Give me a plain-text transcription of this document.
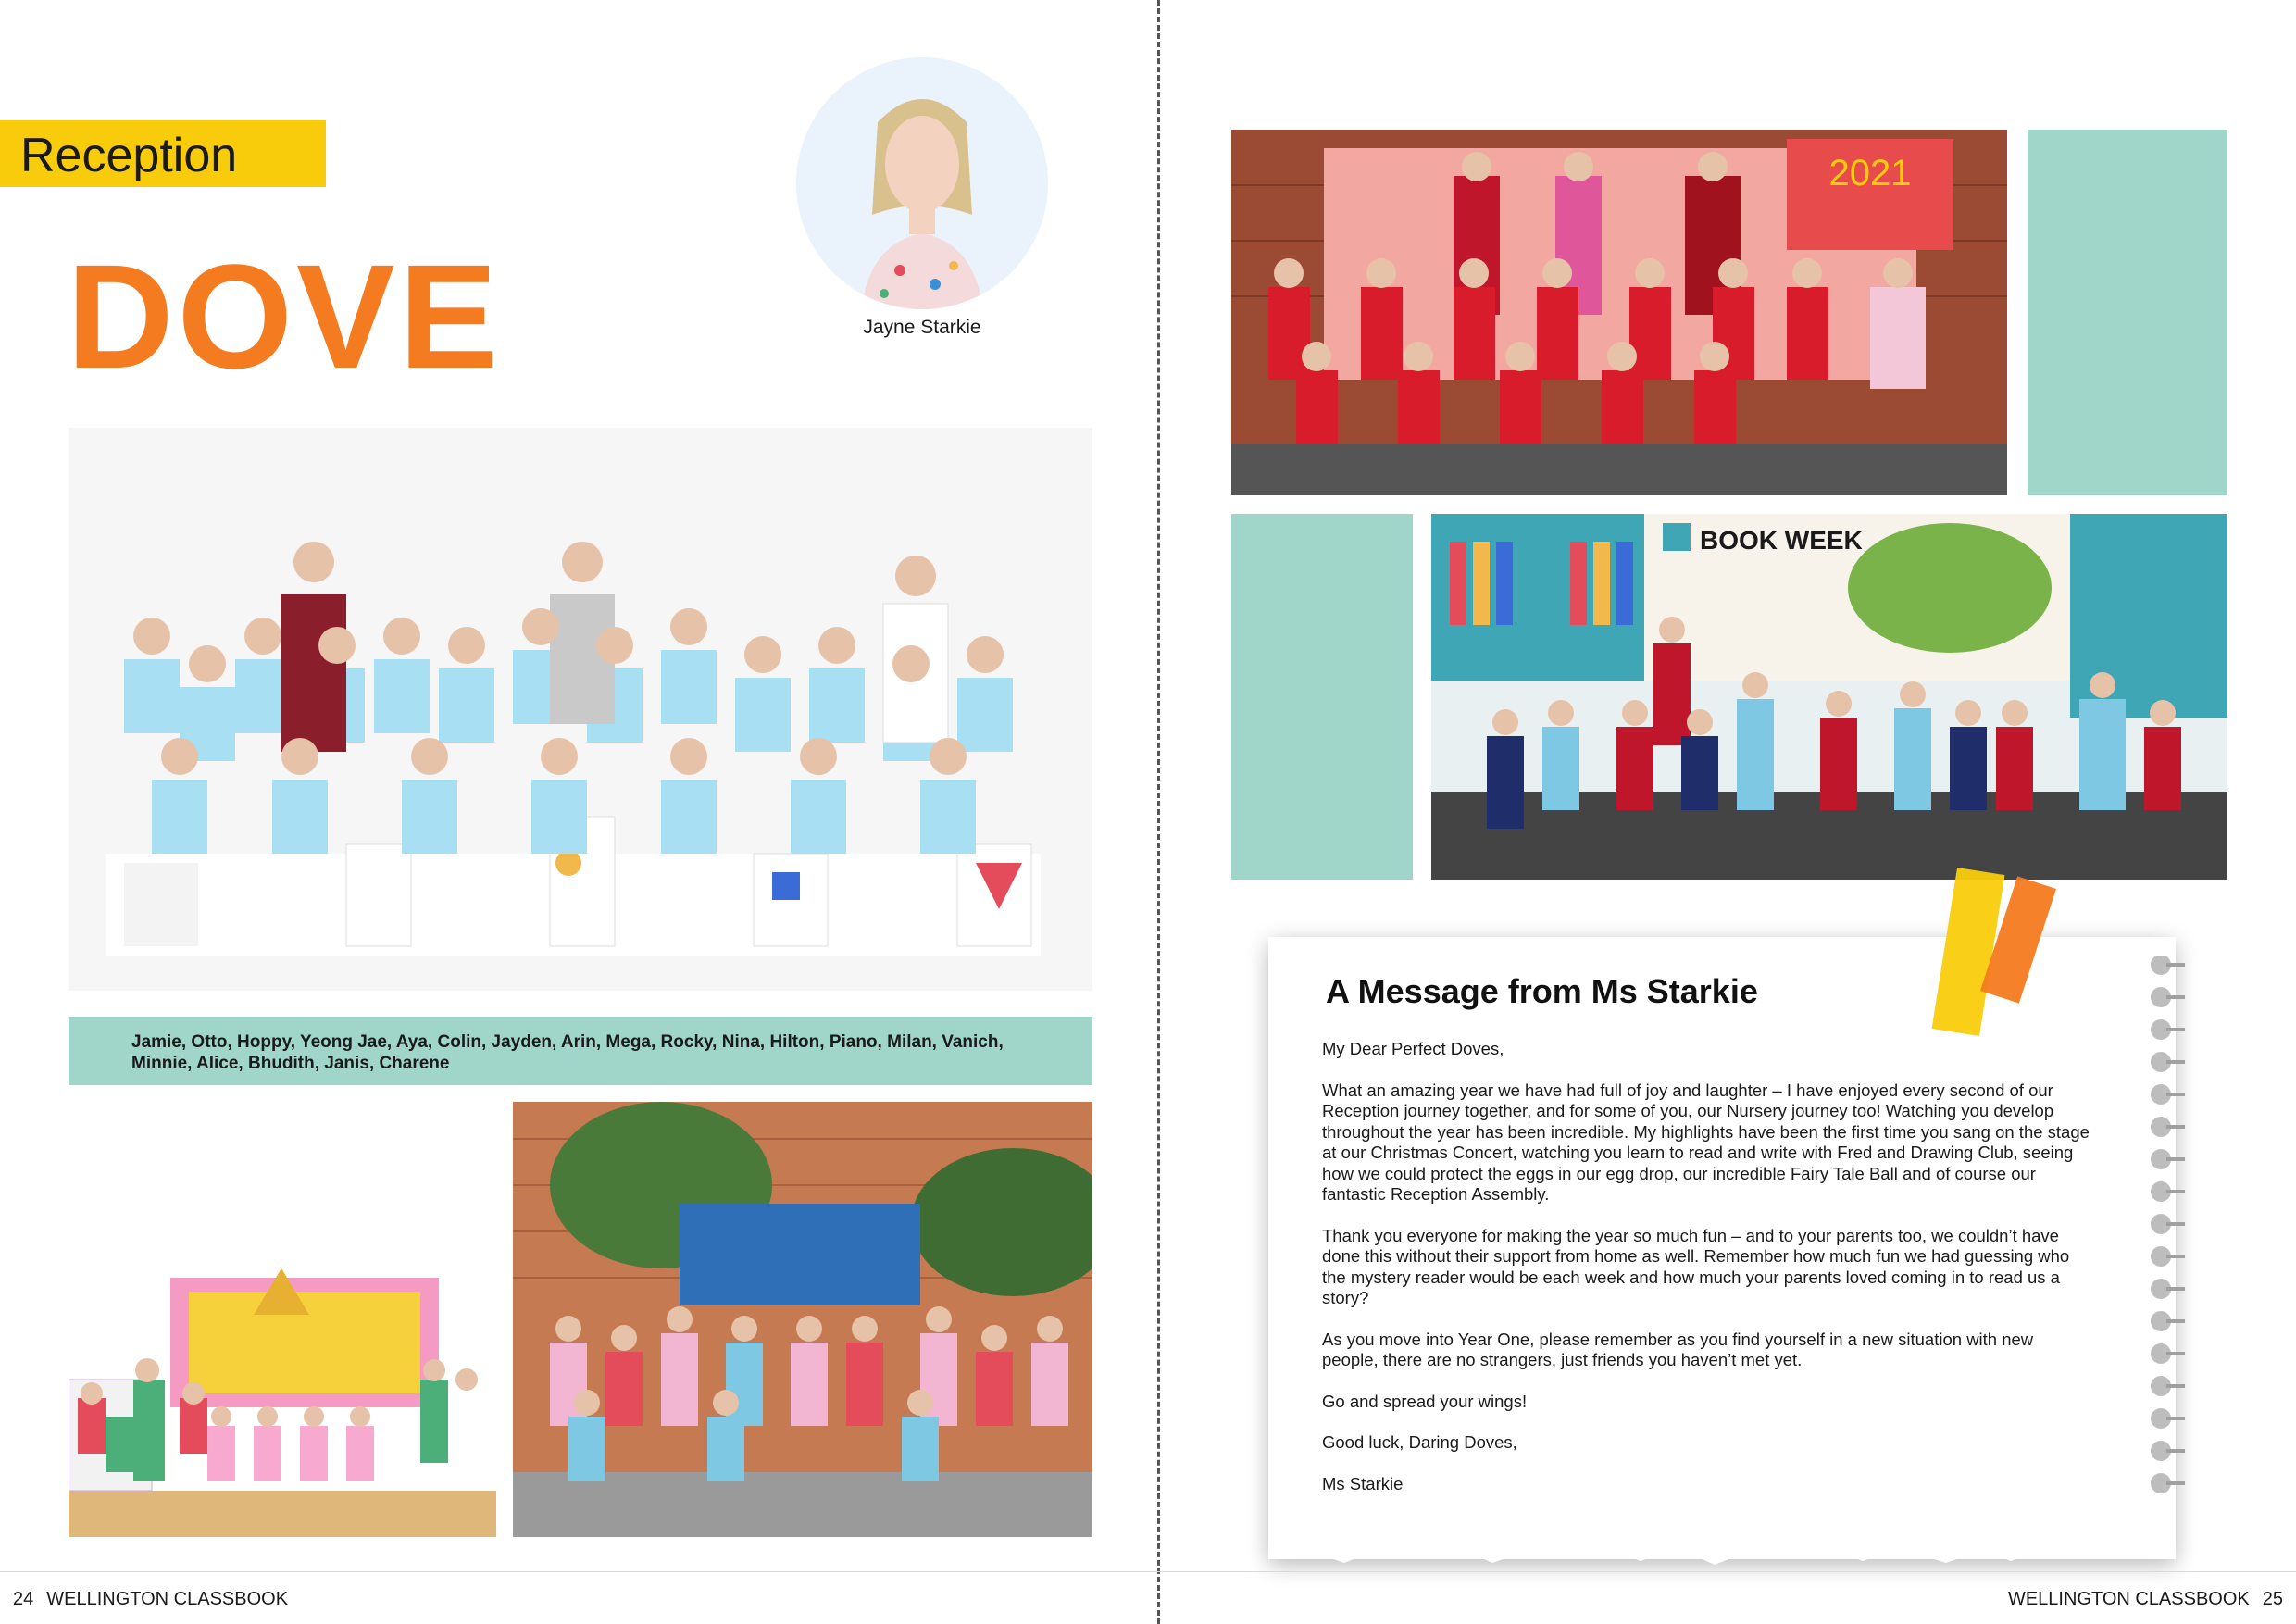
Reception
DOVE	Jayne Starkie
Jamie, Otto, Hoppy, Yeong Jae, Aya, Colin, Jayden, Arin, Mega, Rocky, Nina, Hilton, Piano, Milan, Vanich, Minnie, Alice, Bhudith, Janis, Charene
24 WELLINGTON CLASSBOOK
2021
BOOK WEEK
A Message from Ms Starkie

My Dear Perfect Doves,

What an amazing year we have had full of joy and laughter – I have enjoyed every second of our Reception journey together, and for some of you, our Nursery journey too! Watching you develop throughout the year has been incredible. My highlights have been the first time you sang on the stage at our Christmas Concert, watching you learn to read and write with Fred and Drawing Club, seeing how we could protect the eggs in our egg drop, our incredible Fairy Tale Ball and of course our fantastic Reception Assembly.

Thank you everyone for making the year so much fun – and to your parents too, we couldn’t have done this without their support from home as well. Remember how much fun we had guessing who the mystery reader would be each week and how much your parents loved coming in to read us a story?

As you move into Year One, please remember as you find yourself in a new situation with new people, there are no strangers, just friends you haven’t met yet.

Go and spread your wings!

Good luck, Daring Doves,

Ms Starkie

WELLINGTON CLASSBOOK 25
